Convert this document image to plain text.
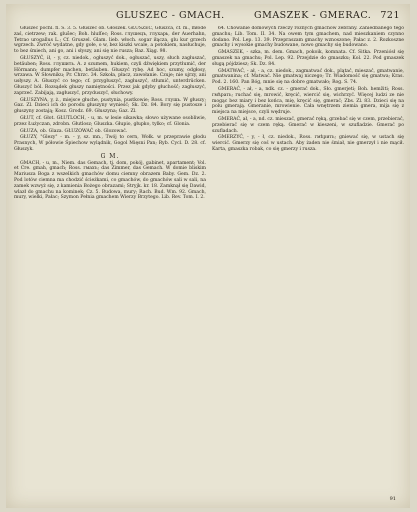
GLUSZEC - GMACH.	GMASZEK - GMERAC. 721

Głuszec pochl. fl. S. 3. 5. Głuszec ob. Głoszek. GŁUSZEC, Głuszca, cf. m., młode zaś, cietrzew; rak. glušec; Boh. hluſſec; Ross. глушецъ, глухарь, der Auerhahn, Tetrao urogallus L.; Cf. Gruszel. Glam. lieb. włoch. sogar iłącza, glu kur grzech wgrzech. Zwróć wydatne, gdy gołe, o w, bez kiszki wcale, a potokiem, nasłuchuje, to bez śmiech, ani go, ani i słyszy, ani się nie rusza; Baz. Xiąg. 98.

GŁUSZYĆ, ił, - y, cz. niedok., ogłuszyć dok., ogłuszać, uszy, słuch zagłuszać, betäuben; Ross. глушить. A. z szumem, hukiem, czyli dźwiękiem przytłumić, der Hörmann; dumpfer machen, betäuben. Głuszyć rybę. Ad hoc, szumy, odgłosy, wrzawa. W Słowniku; Pr. Chrzc. 34. Szkoła, płacz, zawołanie. Czuje; nie ujrzy, ani usłyszy. A. Głuszyć co tego; cf. przygłuszyć, zagłuszyć, stłumić, unterdrücken. Głuszyć ból. Rozsądek głuszy namiętności. Przez jak gdyby głuchość; zagłuszyć, zaprzeć. Zabijają, zagłuszyć, przyduszyć, słuchowy.

GŁUSZYNA, y, ż., miejsce głuche, pustynia, pustkowie; Ross. глушь. W głuszy; Gaz. Zl. Dzieci ich do porodu głuszyny wynieść; Sk. Dz. 84. Bory się pustosze i głuszyny zostają; Kosz. Grodz. 69. Głuszyna; Gaz. Zl.

GŁUT, cf. Głot. GŁUTLOCH, - u, m. w lesie sikawka; słowo używane osobliwie, przez Łużyczan, zdrobn. Głutlosz; Gluszka. Głupio, głupko, tylko; cf. Glonia.

GŁUZA, ob. Glaza. GŁUZOWAĆ ob. Glozować.

GŁUZY, "Glezy" - m. - y, sz. mn., Twój to cern, Wołk. w przeprawie głodu Prasnych, W półowie Śpiechow wylądnik, Gogol Mięsni Pan; Ryb. Cycl. D. 28. cf. Głuszyk.

G M.

GMACH, - u, m., Niem. das Gemach, tj. dom, pokój, gabinet, apartament; Vol. et Cre. gmah, gmach; Ross. гмахъ; das Zimmer, das Gemach. W domie bliskim Mariusza Boga z wszelkich gmachów domu ciemny obrazem Baby. Gem. Dz. 2. Pod lotów ciemna ma chodzić ścieżkami, co gmachów, do gmachów sali w sali, na zamek wzwyż się, z kamienia Bożego obrazami; Stryjk. kr. 18. Zamknął się Dawid, wlazł do gmachu na kominek; Cz. 5. Budowa, mury; Rach. Bud. Wm. 92. Gmach, mury, wielki, Pałac; Szymon Pełnia gmachem Wierzy Brzytego. Lib. Rev. Tom. I. 2.

64. Chowanie domowych rzeczy różnych gmachów zebrany. Zaniedbanego tego gmachu; Lib. Tom. II. 34. Na owem tym gmachem, nad mieszkaniem czynno dodano. Pol. Lep. 13. 39. Przepraszam gmachy wznoszone; Pałac z. 2. Rozkoszne gmachy i wysokie gmachy budowane, nowo gmachy się budowano.

GMASZEK, - szka, m. dem. Gmach, pokoik, komnata. Cf. Sitka. Przeniósł się gmaszek na gmachu; Pol. Lep. 92. Przejdzie do gmaszku; Kol. 22. Pod gmaszek sługą pójdziesz; Sk. Dz. 84.

GMATWAĆ, - ał, - a, cz. niedok., zagmatwać dok., plątać, mieszać, gmatwanie, gmatwanina; cf. Matwać. Nie gmatwaj niczego; Tr. Wiadomość się gmatwa; Kras. Pod. 2. 160. Pan Bóg, mnie się na dobre gmatwało; Rog. S. 74.

GMERAĆ, - ał, - a, ndk. cz. - gmerać dok., Sło. gmerjeti; Boh. hemžiti; Ross. гмѣрать; ruchać się, mrowić, kręcić, wiercić się, wichrzyć. Więcej ludzi ze nie mogąc bez miary i bez końca, mię, kręcić się, gmerać; Zbs. Zl. 83. Dzieci się na polu gmerają. Gmeranie, mrowienie. Cała wnętrzem ziemia gmera, mija się z miejsca na miejsce, czyli wędruje.

GMERAĆ, ał, - a, nd. cz. mieszać, gmerać ręką, grzebać się w czem, przebierać, przebierać się w czem ręką. Gmerać w kieszeni, w szufladzie. Gmerać po szufladach.

GMERZYĆ, - y, - ł, cz. niedok., Ross. гмѣрить; gniewać się, w ustach się wiercić. Gmerzy się coś w ustach. Aby żaden nie śmiał, nie gmerzył i nie mącił. Karta, gmaszka robak, co się gmerzy i rusza.

91
